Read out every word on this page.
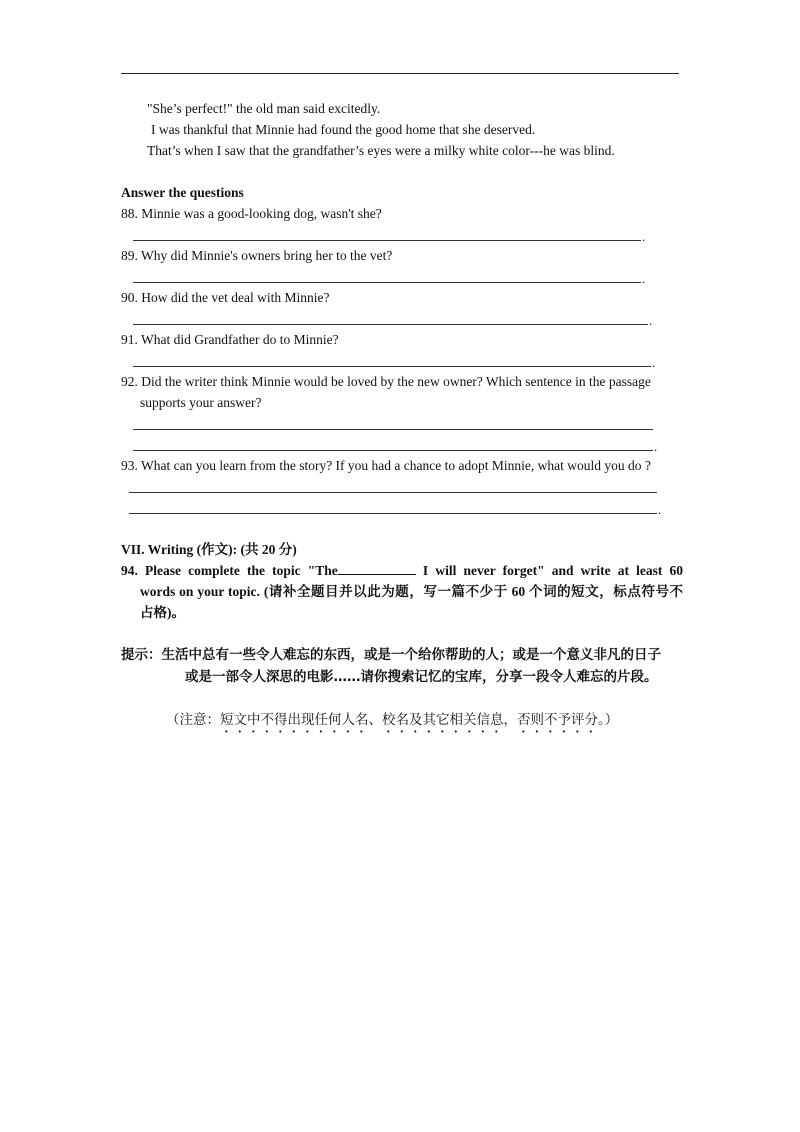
"She’s perfect!" the old man said excitedly.

I was thankful that Minnie had found the good home that she deserved.

That’s when I saw that the grandfather’s eyes were a milky white color---he was blind.

Answer the questions

88. Minnie was a good-looking dog, wasn't she?

.

89. Why did Minnie's owners bring her to the vet?

.

90. How did the vet deal with Minnie?

.

91. What did Grandfather do to Minnie?

.

92. Did the writer think Minnie would be loved by the new owner? Which sentence in the passage
supports your answer?

.

93. What can you learn from the story? If you had a chance to adopt Minnie, what would you do ?

.

VII. Writing (作文): (共 20 分)

94. Please complete the topic "The	I will never forget" and write at least 60
words on your topic. (请补全题目并以此为题，写一篇不少于 60 个词的短文，标点符号不
占格)。

提示：生活中总有一些令人难忘的东西，或是一个给你帮助的人；或是一个意义非凡的日子

或是一部令人深思的电影……请你搜索记忆的宝库，分享一段令人难忘的片段。

（注意：短文中不得出现任何人名、校名及其它相关信息，否则不予评分。）
